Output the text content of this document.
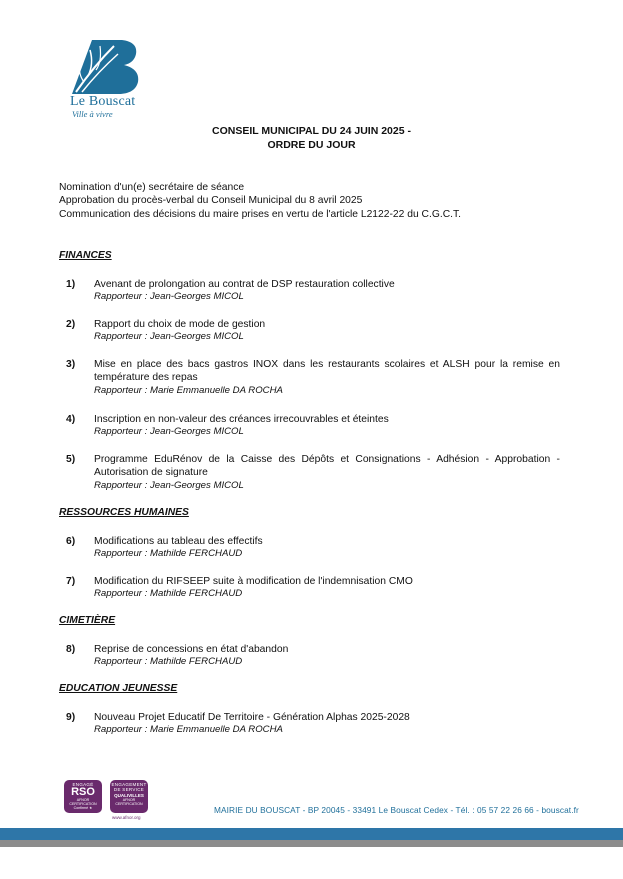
Le Bouscat
Ville à vivre
CONSEIL MUNICIPAL DU 24 JUIN 2025 -
ORDRE DU JOUR
Nomination d'un(e) secrétaire de séance
Approbation du procès-verbal du Conseil Municipal du 8 avril 2025
Communication des décisions du maire prises en vertu de l'article L2122-22 du C.G.C.T.
FINANCES
1) Avenant de prolongation au contrat de DSP restauration collective
Rapporteur : Jean-Georges MICOL
2) Rapport du choix de mode de gestion
Rapporteur : Jean-Georges MICOL
3) Mise en place des bacs gastros INOX dans les restaurants scolaires et ALSH pour la remise en température des repas
Rapporteur : Marie Emmanuelle DA ROCHA
4) Inscription en non-valeur des créances irrecouvrables et éteintes
Rapporteur : Jean-Georges MICOL
5) Programme EduRénov de la Caisse des Dépôts et Consignations - Adhésion - Approbation - Autorisation de signature
Rapporteur : Jean-Georges MICOL
RESSOURCES HUMAINES
6) Modifications au tableau des effectifs
Rapporteur : Mathilde FERCHAUD
7) Modification du RIFSEEP suite à modification de l'indemnisation CMO
Rapporteur : Mathilde FERCHAUD
CIMETIÈRE
8) Reprise de concessions en état d'abandon
Rapporteur : Mathilde FERCHAUD
EDUCATION JEUNESSE
9) Nouveau Projet Educatif De Territoire - Génération Alphas 2025-2028
Rapporteur : Marie Emmanuelle DA ROCHA
ENGAGÉ
RSO
AFNOR CERTIFICATION
Confirmé ★
ENGAGEMENT DE SERVICE
QUALIVILLES
AFNOR CERTIFICATION
www.afnor.org
MAIRIE DU BOUSCAT - BP 20045 - 33491 Le Bouscat Cedex - Tél. : 05 57 22 26 66 - bouscat.fr
